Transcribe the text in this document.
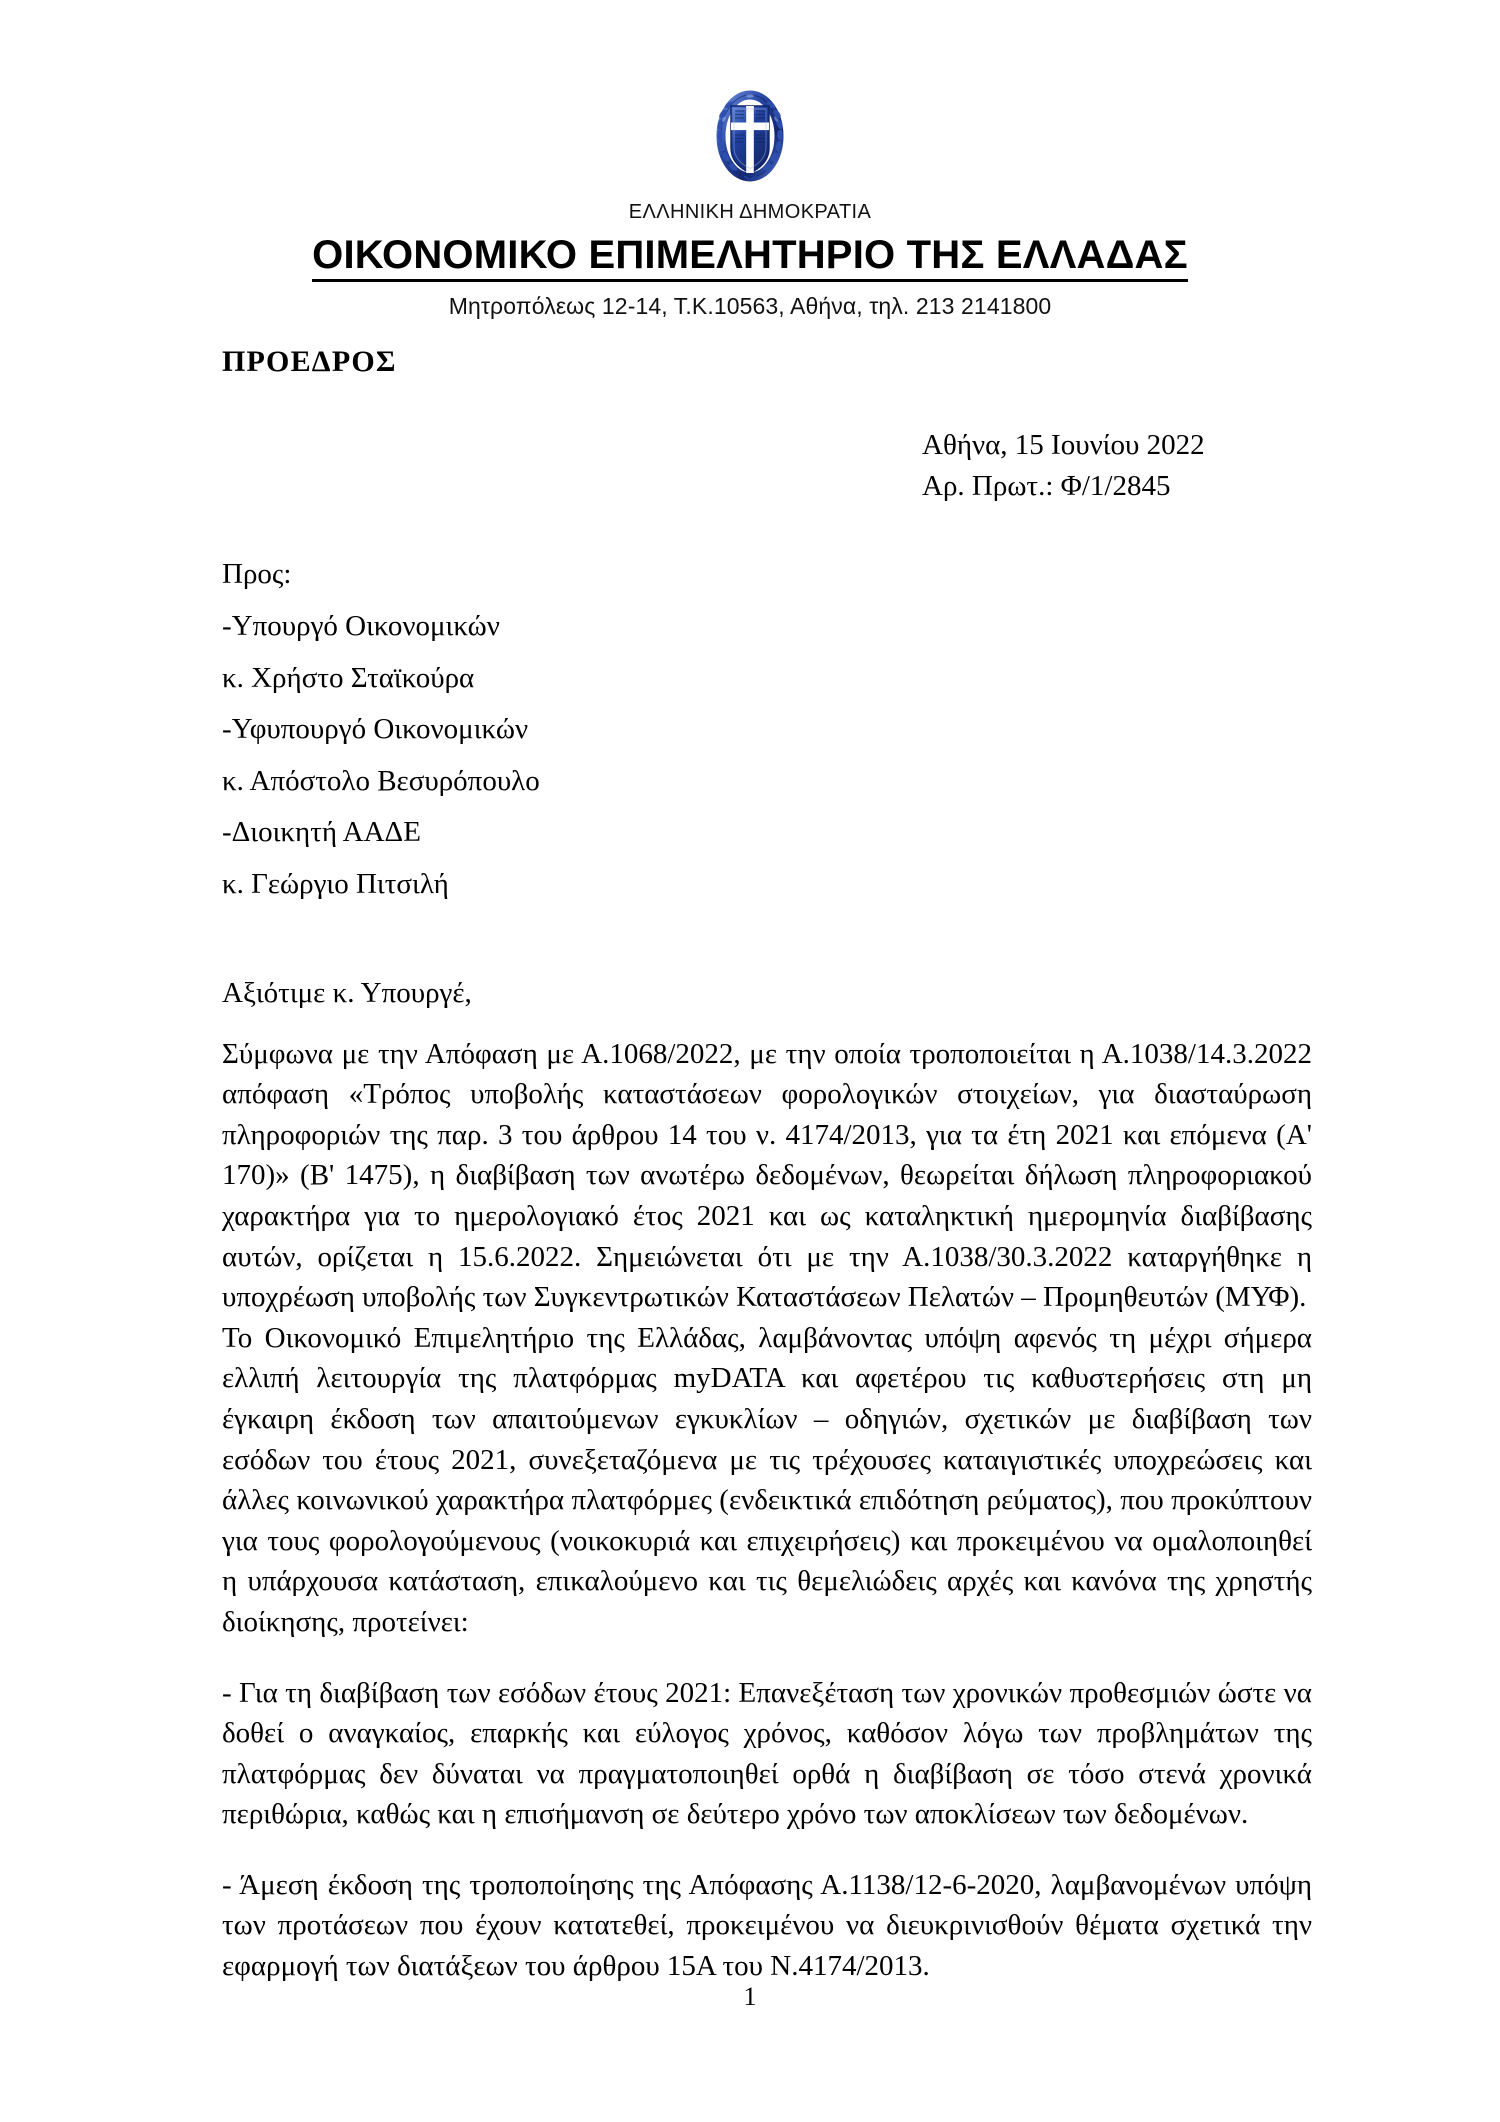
ΕΛΛΗΝΙΚΗ ΔΗΜΟΚΡΑΤΙΑ
ΟΙΚΟΝΟΜΙΚΟ ΕΠΙΜΕΛΗΤΗΡΙΟ ΤΗΣ ΕΛΛΑΔΑΣ
Μητροπόλεως 12-14, Τ.Κ.10563, Αθήνα, τηλ. 213 2141800
ΠΡΟΕΔΡΟΣ
Αθήνα, 15 Ιουνίου 2022
Αρ. Πρωτ.: Φ/1/2845
Προς:
-Υπουργό Οικονομικών
κ. Χρήστο Σταϊκούρα
-Υφυπουργό Οικονομικών
κ. Απόστολο Βεσυρόπουλο
-Διοικητή ΑΑΔΕ
κ. Γεώργιο Πιτσιλή
Αξιότιμε κ. Υπουργέ,

Σύμφωνα με την Απόφαση με Α.1068/2022, με την οποία τροποποιείται η Α.1038/14.3.2022 απόφαση «Τρόπος υποβολής καταστάσεων φορολογικών στοιχείων, για διασταύρωση πληροφοριών της παρ. 3 του άρθρου 14 του ν. 4174/2013, για τα έτη 2021 και επόμενα (Α' 170)» (Β' 1475), η διαβίβαση των ανωτέρω δεδομένων, θεωρείται δήλωση πληροφοριακού χαρακτήρα για το ημερολογιακό έτος 2021 και ως καταληκτική ημερομηνία διαβίβασης αυτών, ορίζεται η 15.6.2022. Σημειώνεται ότι με την Α.1038/30.3.2022 καταργήθηκε η υποχρέωση υποβολής των Συγκεντρωτικών Καταστάσεων Πελατών – Προμηθευτών (ΜΥΦ).

Το Οικονομικό Επιμελητήριο της Ελλάδας, λαμβάνοντας υπόψη αφενός τη μέχρι σήμερα ελλιπή λειτουργία της πλατφόρμας myDATA και αφετέρου τις καθυστερήσεις στη μη έγκαιρη έκδοση των απαιτούμενων εγκυκλίων – οδηγιών, σχετικών με διαβίβαση των εσόδων του έτους 2021, συνεξεταζόμενα με τις τρέχουσες καταιγιστικές υποχρεώσεις και άλλες κοινωνικού χαρακτήρα πλατφόρμες (ενδεικτικά επιδότηση ρεύματος), που προκύπτουν για τους φορολογούμενους (νοικοκυριά και επιχειρήσεις) και προκειμένου να ομαλοποιηθεί η υπάρχουσα κατάσταση, επικαλούμενο και τις θεμελιώδεις αρχές και κανόνα της χρηστής διοίκησης, προτείνει:

- Για τη διαβίβαση των εσόδων έτους 2021: Επανεξέταση των χρονικών προθεσμιών ώστε να δοθεί ο αναγκαίος, επαρκής και εύλογος χρόνος, καθόσον λόγω των προβλημάτων της πλατφόρμας δεν δύναται να πραγματοποιηθεί ορθά η διαβίβαση σε τόσο στενά χρονικά περιθώρια, καθώς και η επισήμανση σε δεύτερο χρόνο των αποκλίσεων των δεδομένων.

- Άμεση έκδοση της τροποποίησης της Απόφασης Α.1138/12-6-2020, λαμβανομένων υπόψη των προτάσεων που έχουν κατατεθεί, προκειμένου να διευκρινισθούν θέματα σχετικά την εφαρμογή των διατάξεων του άρθρου 15Α του Ν.4174/2013.

1
